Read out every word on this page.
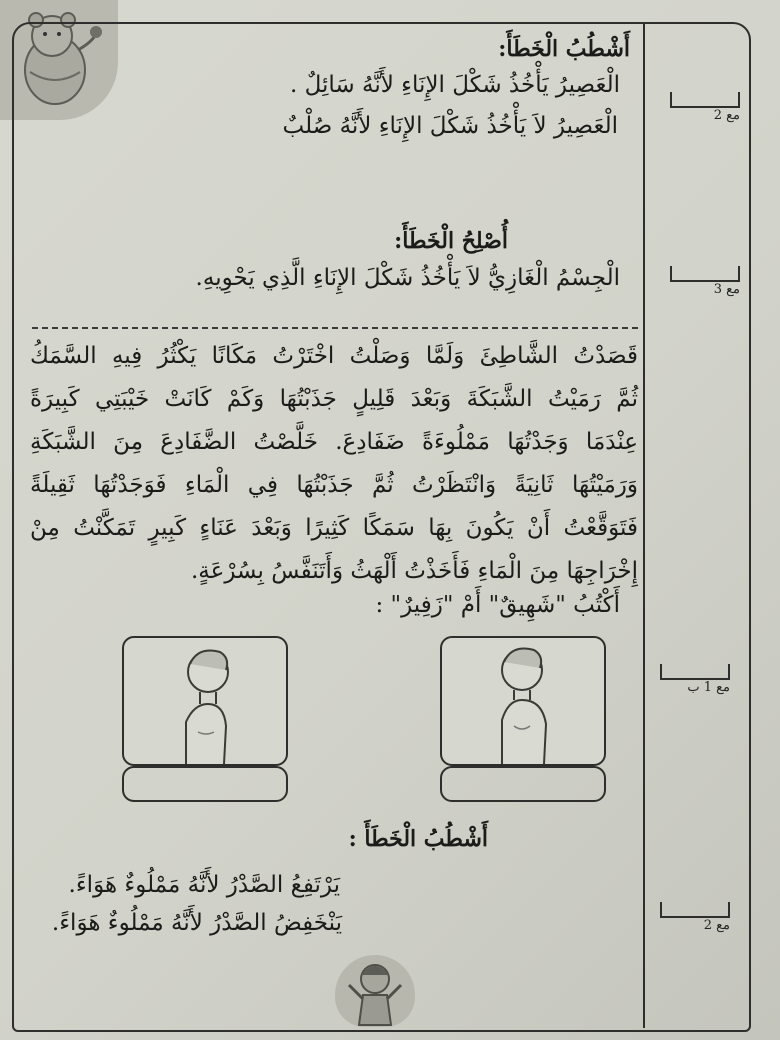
أَشْطُبُ الْخَطَأَ:
الْعَصِيرُ يَأْخُذُ شَكْلَ الإِنَاءِ لأَنَّهُ سَائِلٌ .
الْعَصِيرُ لاَ يَأْخُذُ شَكْلَ الإِنَاءِ لأَنَّهُ صُلْبٌ	مع 2
أُصْلِحُ الْخَطَأَ:
الْجِسْمُ الْغَازِيُّ لاَ يَأْخُذُ شَكْلَ الإِنَاءِ الَّذِي يَحْوِيهِ.	مع 3
قَصَدْتُ الشَّاطِئَ وَلَمَّا وَصَلْتُ اخْتَرْتُ مَكَانًا يَكْثُرُ فِيهِ السَّمَكُ
ثُمَّ رَمَيْتُ الشَّبَكَةَ وَبَعْدَ قَلِيلٍ جَذَبْتُهَا وَكَمْ كَانَتْ خَيْبَتِي كَبِيرَةً
عِنْدَمَا وَجَدْتُهَا مَمْلُوءَةً ضَفَادِعَ. خَلَّصْتُ الضَّفَادِعَ مِنَ الشَّبَكَةِ
وَرَمَيْتُهَا ثَانِيَةً وَانْتَظَرْتُ ثُمَّ جَذَبْتُهَا فِي الْمَاءِ فَوَجَدْتُهَا ثَقِيلَةً
فَتَوَقَّعْتُ أَنْ يَكُونَ بِهَا سَمَكًا كَثِيرًا وَبَعْدَ عَنَاءٍ كَبِيرٍ تَمَكَّنْتُ مِنْ
إِخْرَاجِهَا مِنَ الْمَاءِ فَأَخَذْتُ أَلْهَثُ وَأَتَنَفَّسُ بِسُرْعَةٍ.
أَكْتُبُ "شَهِيقٌ" أَمْ "زَفِيرٌ" :
مع 1 ب
أَشْطُبُ الْخَطَأَ :
يَرْتَفِعُ الصَّدْرُ لأَنَّهُ مَمْلُوءٌ هَوَاءً.
يَنْخَفِضُ الصَّدْرُ لأَنَّهُ مَمْلُوءٌ هَوَاءً.	مع 2
